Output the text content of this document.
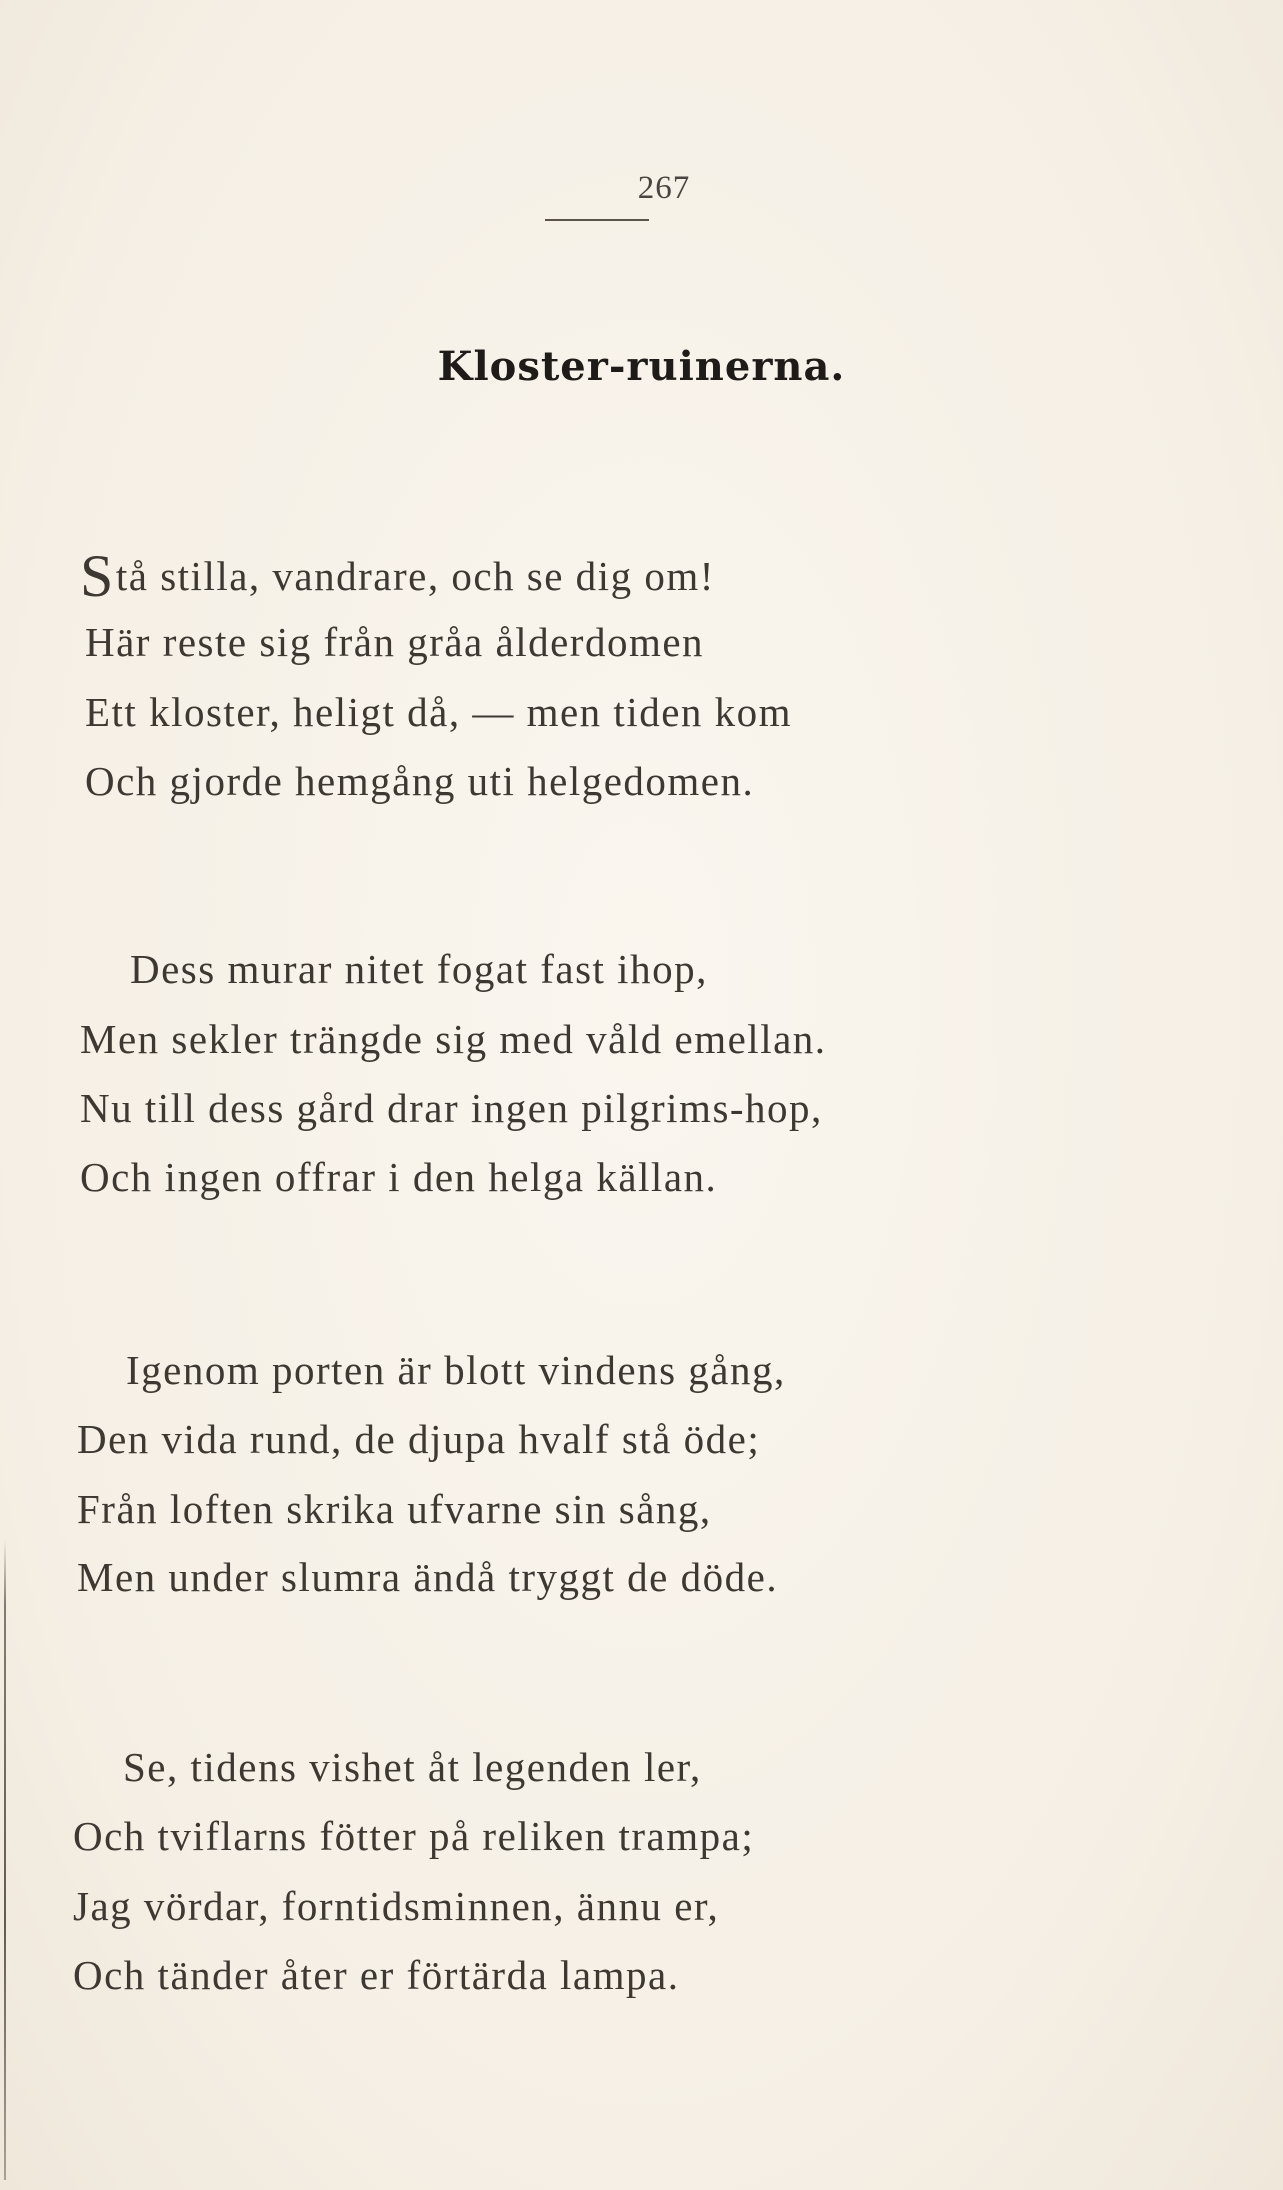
267
Kloster-ruinerna.
Stå stilla, vandrare, och se dig om!
Här reste sig från gråa ålderdomen
Ett kloster, heligt då, — men tiden kom
Och gjorde hemgång uti helgedomen.
Dess murar nitet fogat fast ihop,
Men sekler trängde sig med våld emellan.
Nu till dess gård drar ingen pilgrims-hop,
Och ingen offrar i den helga källan.
Igenom porten är blott vindens gång,
Den vida rund, de djupa hvalf stå öde;
Från loften skrika ufvarne sin sång,
Men under slumra ändå tryggt de döde.
Se, tidens vishet åt legenden ler,
Och tviflarns fötter på reliken trampa;
Jag vördar, forntidsminnen, ännu er,
Och tänder åter er förtärda lampa.
